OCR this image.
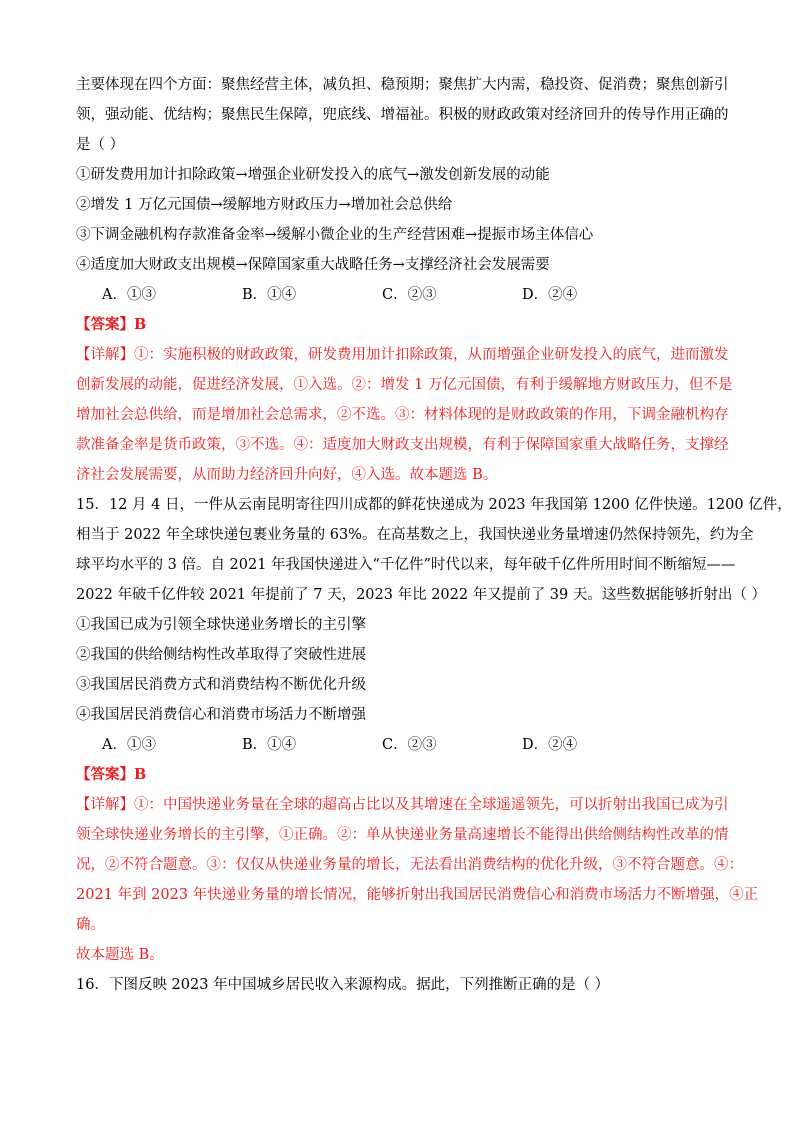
主要体现在四个方面：聚焦经营主体，减负担、稳预期；聚焦扩大内需，稳投资、促消费；聚焦创新引
领，强动能、优结构；聚焦民生保障，兜底线、增福祉。积极的财政政策对经济回升的传导作用正确的
是（ ）
①研发费用加计扣除政策→增强企业研发投入的底气→激发创新发展的动能
②增发 1 万亿元国债→缓解地方财政压力→增加社会总供给
③下调金融机构存款准备金率→缓解小微企业的生产经营困难→提振市场主体信心
④适度加大财政支出规模→保障国家重大战略任务→支撑经济社会发展需要
A．①③	B．①④	C．②③	D．②④
【答案】B
【详解】①：实施积极的财政政策，研发费用加计扣除政策，从而增强企业研发投入的底气，进而激发
创新发展的动能，促进经济发展，①入选。②：增发 1 万亿元国债，有利于缓解地方财政压力，但不是
增加社会总供给，而是增加社会总需求，②不选。③：材料体现的是财政政策的作用，下调金融机构存
款准备金率是货币政策，③不选。④：适度加大财政支出规模，有利于保障国家重大战略任务，支撑经
济社会发展需要，从而助力经济回升向好，④入选。故本题选 B。
15．12 月 4 日，一件从云南昆明寄往四川成都的鲜花快递成为 2023 年我国第 1200 亿件快递。1200 亿件，
相当于 2022 年全球快递包裹业务量的 63%。在高基数之上，我国快递业务量增速仍然保持领先，约为全
球平均水平的 3 倍。自 2021 年我国快递进入“千亿件”时代以来，每年破千亿件所用时间不断缩短——
2022 年破千亿件较 2021 年提前了 7 天，2023 年比 2022 年又提前了 39 天。这些数据能够折射出（ ）
①我国已成为引领全球快递业务增长的主引擎
②我国的供给侧结构性改革取得了突破性进展
③我国居民消费方式和消费结构不断优化升级
④我国居民消费信心和消费市场活力不断增强
A．①③	B．①④	C．②③	D．②④
【答案】B
【详解】①：中国快递业务量在全球的超高占比以及其增速在全球遥遥领先，可以折射出我国已成为引
领全球快递业务增长的主引擎，①正确。②：单从快递业务量高速增长不能得出供给侧结构性改革的情
况，②不符合题意。③：仅仅从快递业务量的增长，无法看出消费结构的优化升级，③不符合题意。④：
2021 年到 2023 年快递业务量的增长情况，能够折射出我国居民消费信心和消费市场活力不断增强，④正
确。
故本题选 B。
16．下图反映 2023 年中国城乡居民收入来源构成。据此，下列推断正确的是（ ）
